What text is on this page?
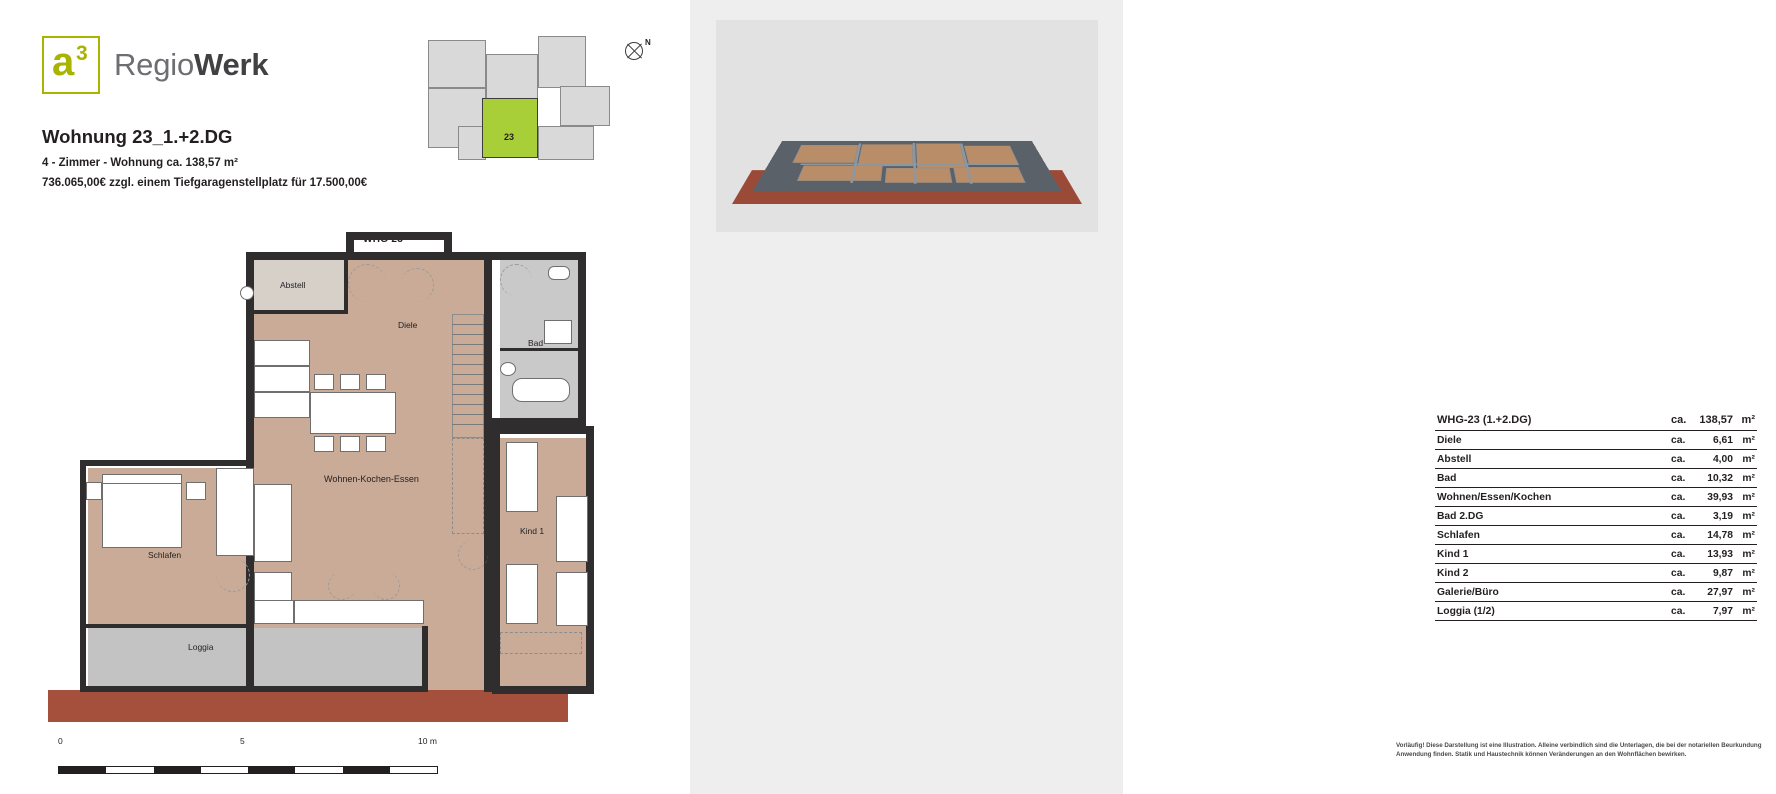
a 3 RegioWerk
Wohnung 23_1.+2.DG
4 - Zimmer - Wohnung ca. 138,57 m²
736.065,00€ zzgl. einem Tiefgaragenstellplatz für 17.500,00€
23
N
Abstell
Diele
Bad
Wohnen-Kochen-Essen
Schlafen
Kind 1
Loggia
0	5	10 m
WHG-23 (1.+2.DG)	ca. 138,57 m²
Diele	ca.	6,61 m²
Abstell	ca.	4,00 m²
Bad	ca. 10,32 m²
Wohnen/Essen/Kochen	ca. 39,93 m²
Bad 2.DG	ca.	3,19 m²
Schlafen	ca. 14,78 m²
Kind 1	ca. 13,93 m²
Kind 2	ca.	9,87 m²
Galerie/Büro	ca. 27,97 m²
Loggia (1/2)	ca.	7,97 m²
Vorläufig! Diese Darstellung ist eine Illustration. Alleine verbindlich sind die Unterlagen, die bei der notariellen Beurkundung Anwendung finden. Statik und Haustechnik können Veränderungen an den Wohnflächen bewirken.
